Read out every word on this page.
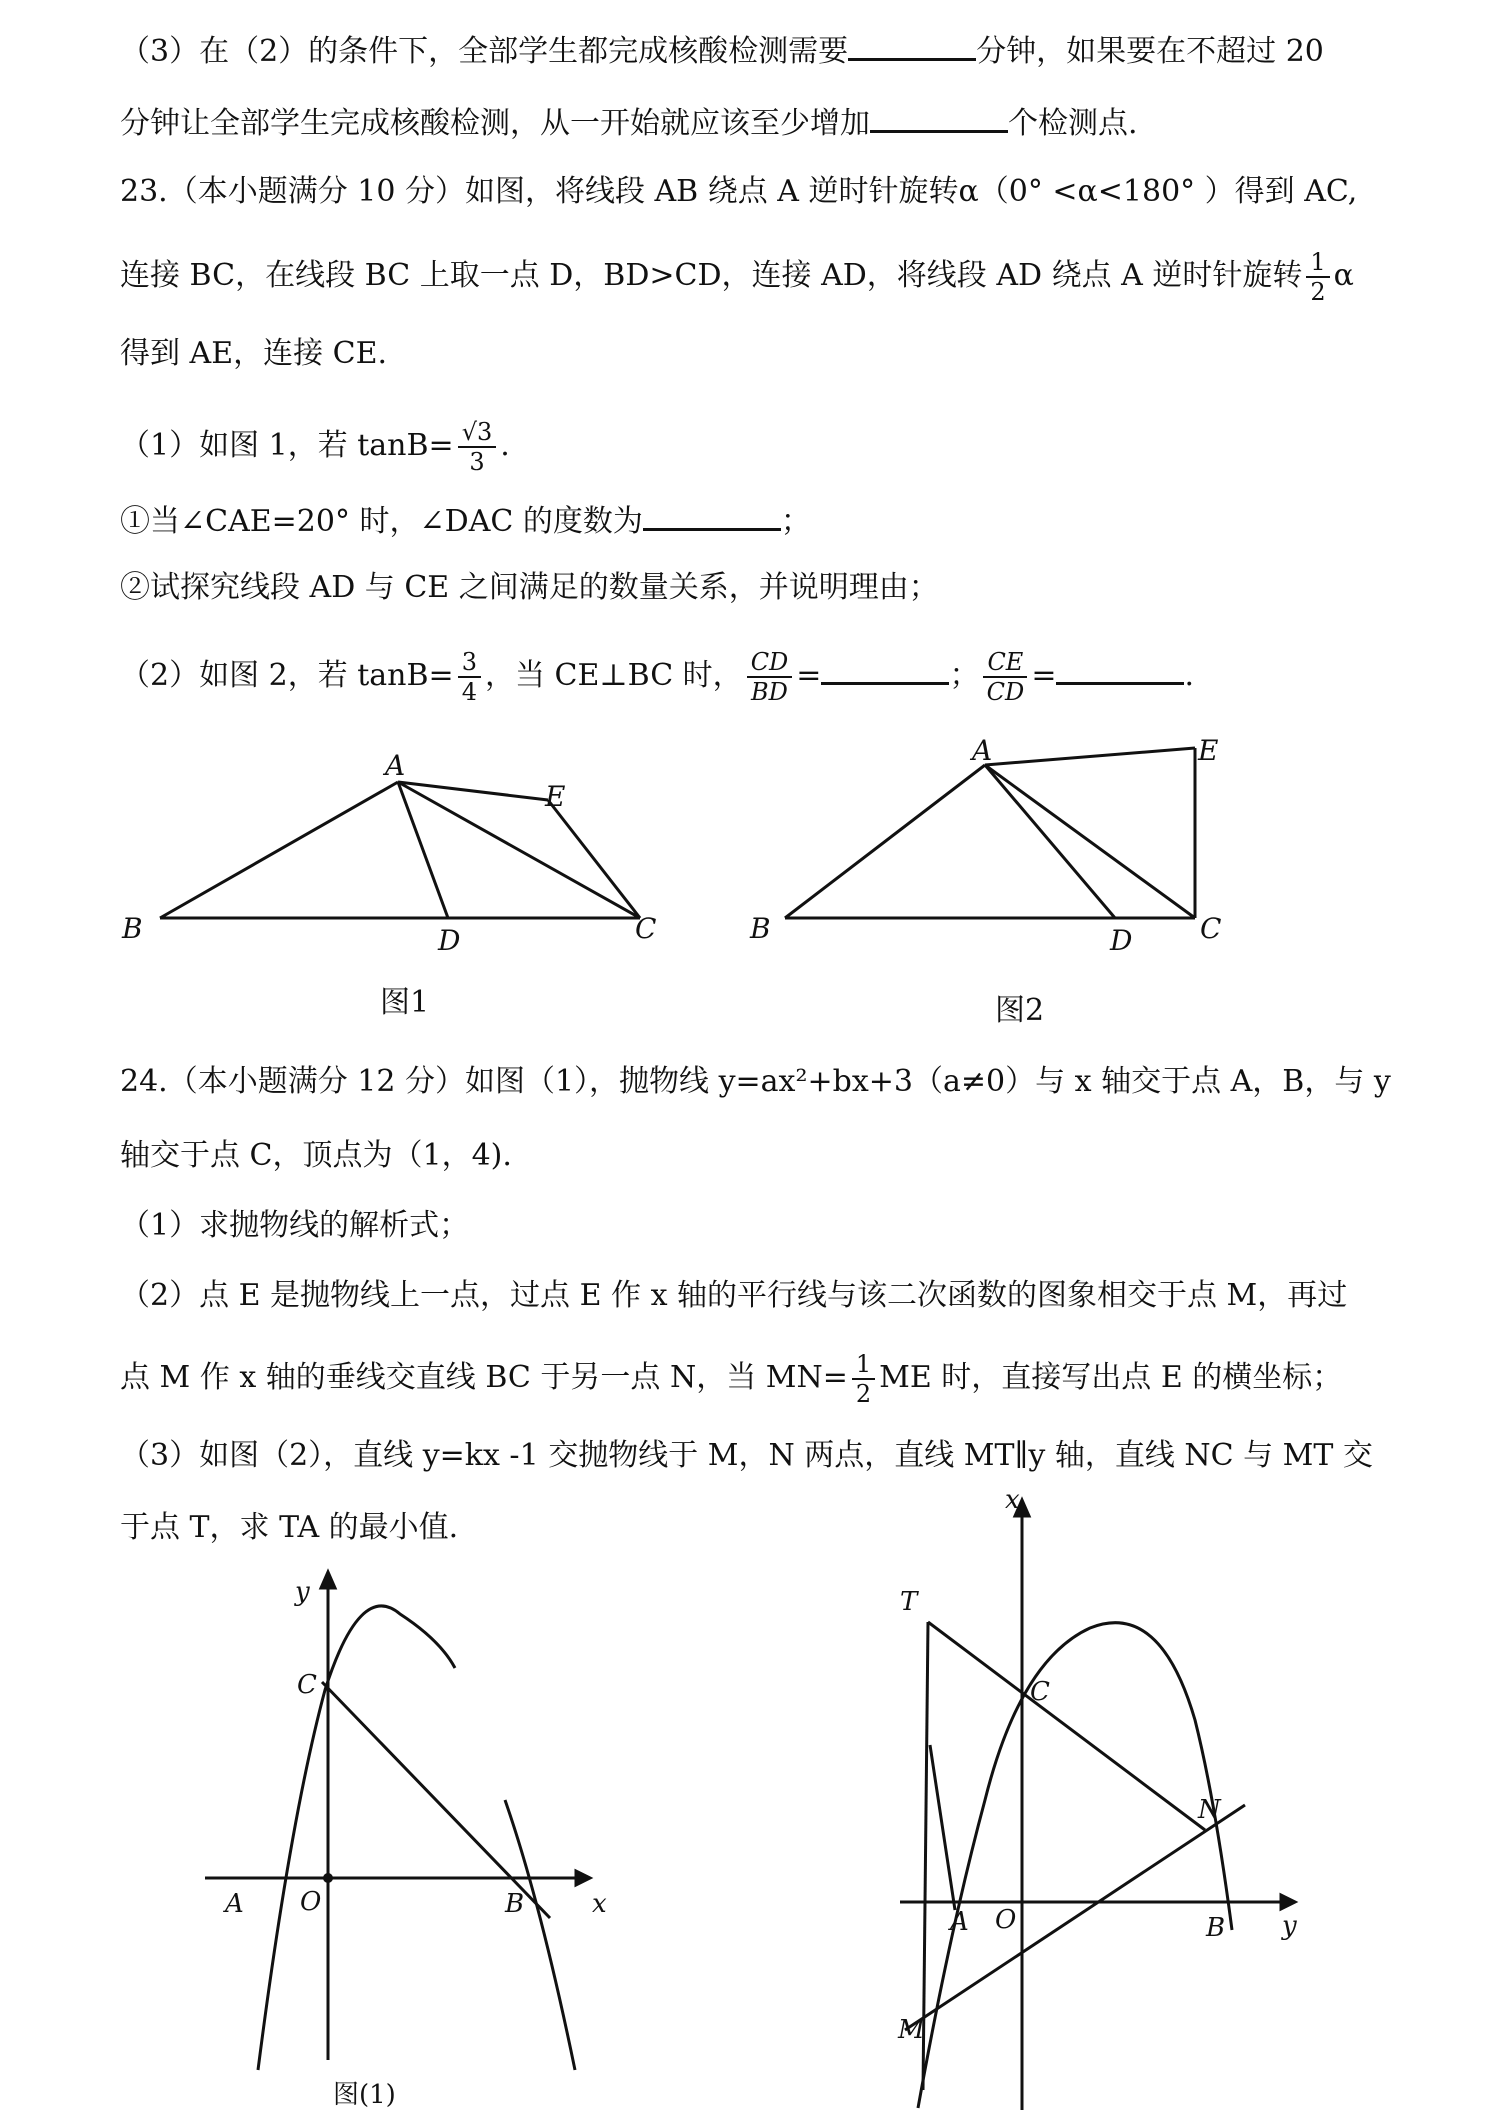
（3）在（2）的条件下，全部学生都完成核酸检测需要	分钟，如果要在不超过 20
分钟让全部学生完成核酸检测，从一开始就应该至少增加	个检测点.
23.（本小题满分 10 分）如图，将线段 AB 绕点 A 逆时针旋转α（0° <α<180° ）得到 AC,
连接 BC，在线段 BC 上取一点 D，BD>CD，连接 AD，将线段 AD 绕点 A 逆时针旋转 $\frac{1}{2}$ α
得到 AE，连接 CE.
（1）如图 1，若 $\tan B= \frac{√3}{3}$ .
①当∠CAE=20° 时，∠DAC 的度数为	；
②试探究线段 AD 与 CE 之间满足的数量关系，并说明理由；
（2）如图 2，若 $\tan B= \frac{3}{4}$ ，当 CE⊥BC 时， $\frac{CD}{BD}$ =	； $\frac{CE}{CD}$ =	.
A
B	C
D
E
图1
A
B	C
D
E
图2
24.（本小题满分 12 分）如图（1），抛物线 y=ax²+bx+3（a≠0）与 x 轴交于点 A，B，与 y
轴交于点 C，顶点为（1，4).
（1）求抛物线的解析式；
（2）点 E 是抛物线上一点，过点 E 作 x 轴的平行线与该二次函数的图象相交于点 M，再过
点 M 作 x 轴的垂线交直线 BC 于另一点 N，当 $MN= \frac{1}{2}$ ME 时，直接写出点 E 的横坐标；
（3）如图（2），直线 y=kx -1 交抛物线于 M，N 两点，直线 MT∥y 轴，直线 NC 与 MT 交
于点 T，求 TA 的最小值.
y
x
C
A O	B
图(1)
x
y
T
C
N
A O	B
M
